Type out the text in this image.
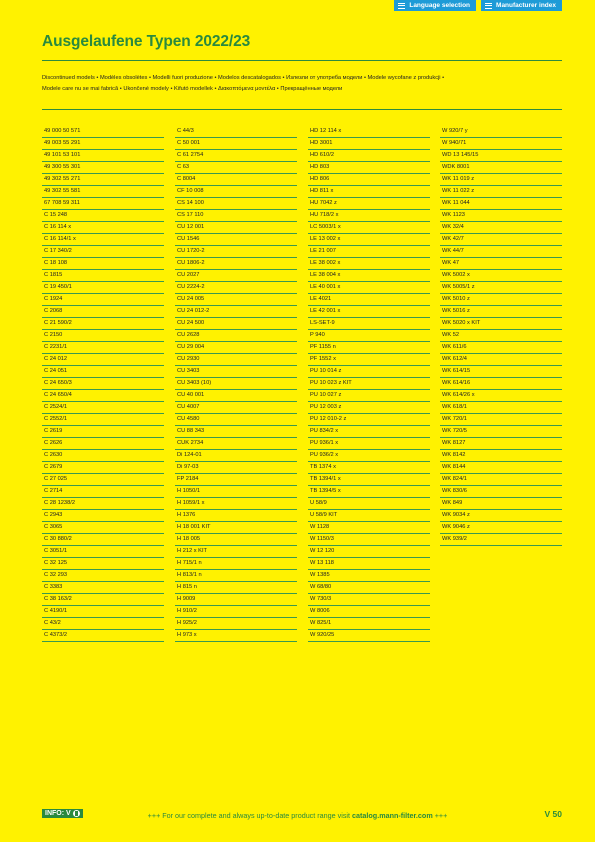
Language selection	Manufacturer index
Ausgelaufene Typen 2022/23
Discontinued models • Modèles obsolètes • Modelli fuori produzione • Modelos descatalogados • Излезли от употреба модели • Modele wycofane z produkcji •
Modele care nu se mai fabrică • Ukončené modely • Kifutó modellek • Διακοπτόμενα μοντέλα • Прекращённые модели
49 000 50 571
49 003 55 291
49 101 53 101
49 300 55 301
49 302 55 271
49 302 55 581
67 708 59 311
C 15 248
C 16 114 x
C 16 114/1 x
C 17 340/2
C 18 108
C 1815
C 19 450/1
C 1924
C 2068
C 21 590/2
C 2150
C 2231/1
C 24 012
C 24 051
C 24 650/3
C 24 650/4
C 2524/1
C 2552/1
C 2619
C 2626
C 2630
C 2679
C 27 025
C 2714
C 28 1238/2
C 2943
C 3065
C 30 880/2
C 3051/1
C 32 125
C 32 293
C 3383
C 38 163/2
C 4190/1
C 43/2
C 4373/2
C 44/3
C 50 001
C 61 2754
C 63
C 8004
CF 10 008
CS 14 100
CS 17 110
CU 12 001
CU 1546
CU 1720-2
CU 1806-2
CU 2027
CU 2224-2
CU 24 005
CU 24 012-2
CU 24 500
CU 2628
CU 29 004
CU 2930
CU 3403
CU 3403 (10)
CU 40 001
CU 4007
CU 4580
CU 88 343
CUK 2734
Di 124-01
Di 97-03
FP 2184
H 1050/1
H 1059/1 x
H 1376
H 18 001 KIT
H 18 005
H 212 x KIT
H 715/1 n
H 813/1 n
H 815 n
H 9009
H 910/2
H 925/2
H 973 x
HD 12 114 x
HD 3001
HD 610/2
HD 803
HD 806
HD 811 x
HU 7042 z
HU 718/2 x
LC 5003/1 x
LE 13 002 x
LE 21 007
LE 38 002 x
LE 38 004 x
LE 40 001 x
LE 4021
LE 42 001 x
LS-SET-9
P 940
PF 1155 n
PF 1552 x
PU 10 014 z
PU 10 023 z KIT
PU 10 027 z
PU 12 003 z
PU 12 010-2 z
PU 834/2 x
PU 936/1 x
PU 936/2 x
TB 1374 x
TB 1394/1 x
TB 1394/5 x
U 58/9
U 58/9 KIT
W 1128
W 1150/3
W 12 120
W 13 118
W 1385
W 68/80
W 730/3
W 8006
W 825/1
W 920/25
W 920/7 y
W 940/71
WD 13 145/15
WDK 8001
WK 11 019 z
WK 11 022 z
WK 11 044
WK 1123
WK 32/4
WK 42/7
WK 44/7
WK 47
WK 5002 x
WK 5005/1 z
WK 5010 z
WK 5016 z
WK 5020 x KIT
WK 52
WK 611/6
WK 612/4
WK 614/15
WK 614/16
WK 614/26 x
WK 618/1
WK 720/1
WK 720/5
WK 8127
WK 8142
WK 8144
WK 824/1
WK 830/6
WK 849
WK 9034 z
WK 9046 z
WK 939/2
INFO: V	+++ For our complete and always up-to-date product range visit catalog.mann-filter.com +++	V 50
